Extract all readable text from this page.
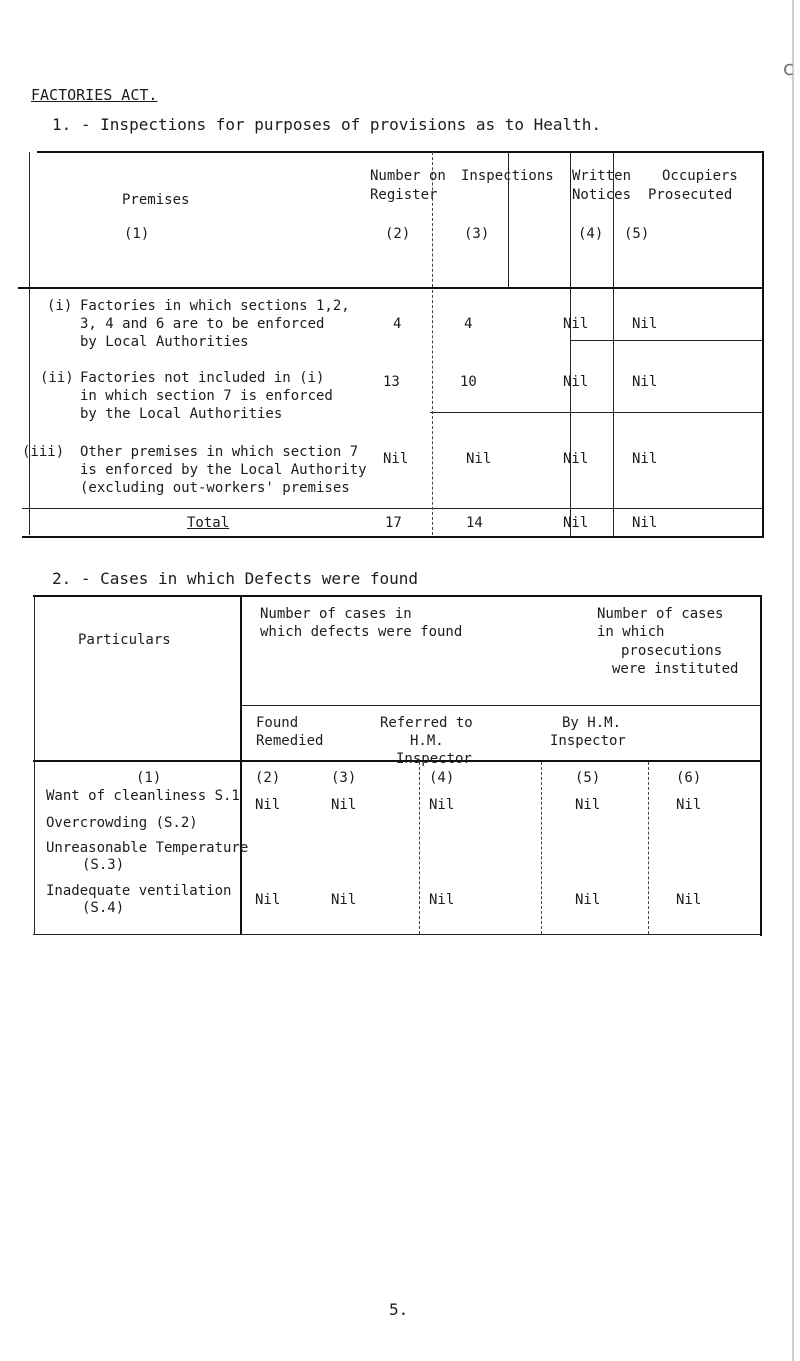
c
FACTORIES ACT.
1. - Inspections for purposes of provisions as to Health.
Premises
(1)
Number on
Register
(2)
Inspections
(3)
Written
Notices
(4)
Occupiers
Prosecuted
(5)
(i) Factories in which sections 1,2,
3, 4 and 6 are to be enforced
by Local Authorities
4	4	Nil	Nil
(ii) Factories not included in (i)
in which section 7 is enforced
by the Local Authorities
13	10	Nil	Nil
(iii) Other premises in which section 7
is enforced by the Local Authority
(excluding out-workers' premises
Nil	Nil	Nil	Nil
Total	17	14	Nil	Nil
2. - Cases in which Defects were found
Particulars
Number of cases in
which defects were found
Number of cases
in which
prosecutions
were instituted
Found
Remedied
Referred to
H.M.
Inspector
By H.M.
Inspector
(1)	(2)	(3)	(4)	(5)	(6)
Want of cleanliness S.1
Nil	Nil	Nil	Nil	Nil
Overcrowding (S.2)
Unreasonable Temperature
(S.3)
Inadequate ventilation
(S.4)	Nil	Nil	Nil	Nil	Nil
5.
